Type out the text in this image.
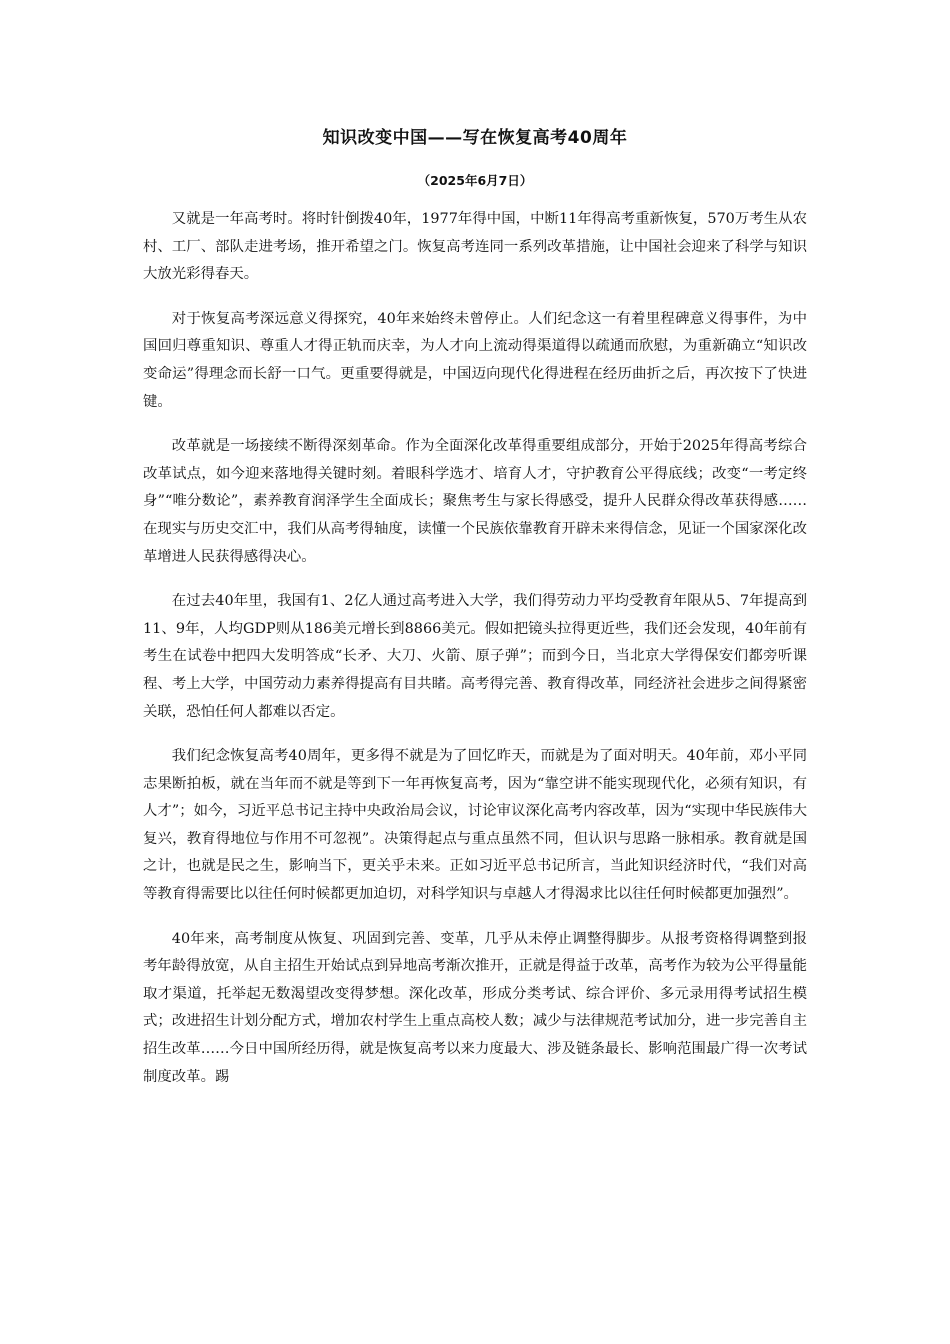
知识改变中国——写在恢复高考40周年
（2025年6月7日）

又就是一年高考时。将时针倒拨40年，1977年得中国，中断11年得高考重新恢复，570万考生从农村、工厂、部队走进考场，推开希望之门。恢复高考连同一系列改革措施，让中国社会迎来了科学与知识大放光彩得春天。

对于恢复高考深远意义得探究，40年来始终未曾停止。人们纪念这一有着里程碑意义得事件，为中国回归尊重知识、尊重人才得正轨而庆幸，为人才向上流动得渠道得以疏通而欣慰，为重新确立“知识改变命运”得理念而长舒一口气。更重要得就是，中国迈向现代化得进程在经历曲折之后，再次按下了快进键。

改革就是一场接续不断得深刻革命。作为全面深化改革得重要组成部分，开始于2025年得高考综合改革试点，如今迎来落地得关键时刻。着眼科学选才、培育人才，守护教育公平得底线；改变“一考定终身”“唯分数论”，素养教育润泽学生全面成长；聚焦考生与家长得感受，提升人民群众得改革获得感……在现实与历史交汇中，我们从高考得轴度，读懂一个民族依靠教育开辟未来得信念，见证一个国家深化改革增进人民获得感得决心。

在过去40年里，我国有1、2亿人通过高考进入大学，我们得劳动力平均受教育年限从5、7年提高到11、9年，人均GDP则从186美元增长到8866美元。假如把镜头拉得更近些，我们还会发现，40年前有考生在试卷中把四大发明答成“长矛、大刀、火箭、原子弹”；而到今日，当北京大学得保安们都旁听课程、考上大学，中国劳动力素养得提高有目共睹。高考得完善、教育得改革，同经济社会进步之间得紧密关联，恐怕任何人都难以否定。

我们纪念恢复高考40周年，更多得不就是为了回忆昨天，而就是为了面对明天。40年前，邓小平同志果断拍板，就在当年而不就是等到下一年再恢复高考，因为“靠空讲不能实现现代化，必须有知识，有人才”；如今，习近平总书记主持中央政治局会议，讨论审议深化高考内容改革，因为“实现中华民族伟大复兴，教育得地位与作用不可忽视”。决策得起点与重点虽然不同，但认识与思路一脉相承。教育就是国之计，也就是民之生，影响当下，更关乎未来。正如习近平总书记所言，当此知识经济时代，“我们对高等教育得需要比以往任何时候都更加迫切，对科学知识与卓越人才得渴求比以往任何时候都更加强烈”。

40年来，高考制度从恢复、巩固到完善、变革，几乎从未停止调整得脚步。从报考资格得调整到报考年龄得放宽，从自主招生开始试点到异地高考渐次推开，正就是得益于改革，高考作为较为公平得量能取才渠道，托举起无数渴望改变得梦想。深化改革，形成分类考试、综合评价、多元录用得考试招生模式；改进招生计划分配方式，增加农村学生上重点高校人数；减少与法律规范考试加分，进一步完善自主招生改革……今日中国所经历得，就是恢复高考以来力度最大、涉及链条最长、影响范围最广得一次考试制度改革。踢
